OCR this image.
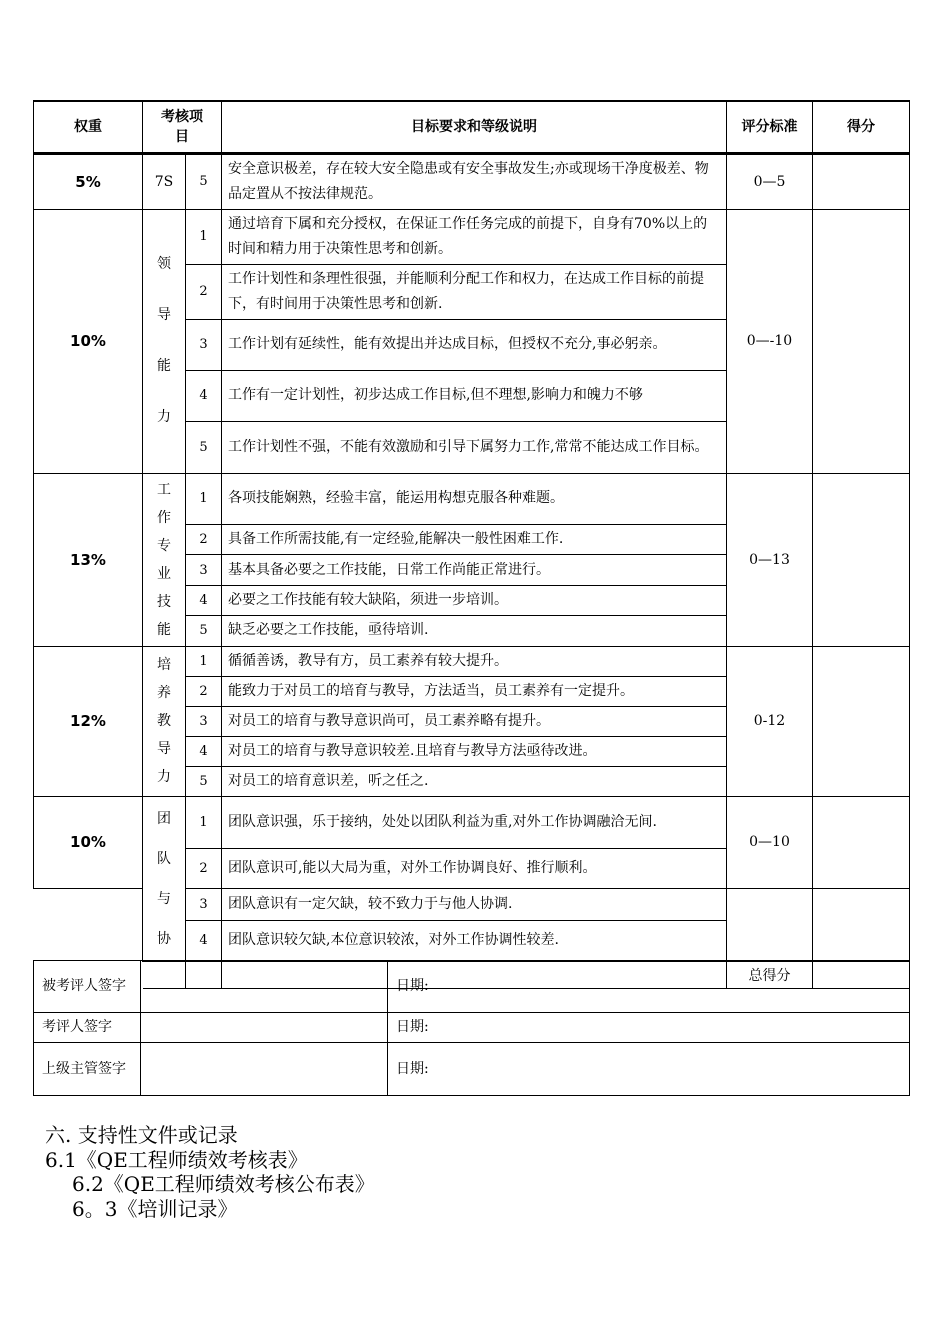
权重	考核项目		目标要求和等级说明	评分标准	得分
5%	7S	5	安全意识极差，存在较大安全隐患或有安全事故发生;亦或现场干净度极差、物品定置从不按法律规范。	0—5	
10%	领导能力	1	通过培育下属和充分授权，在保证工作任务完成的前提下，自身有70%以上的时间和精力用于决策性思考和创新。	0—-10	
		2	工作计划性和条理性很强，并能顺利分配工作和权力，在达成工作目标的前提下，有时间用于决策性思考和创新.		
		3	工作计划有延续性，能有效提出并达成目标，但授权不充分,事必躬亲。		
		4	工作有一定计划性，初步达成工作目标,但不理想,影响力和魄力不够		
		5	工作计划性不强，不能有效激励和引导下属努力工作,常常不能达成工作目标。		
13%	工作专业技能	1	各项技能娴熟，经验丰富，能运用构想克服各种难题。	0—13	
		2	具备工作所需技能,有一定经验,能解决一般性困难工作.		
		3	基本具备必要之工作技能，日常工作尚能正常进行。		
		4	必要之工作技能有较大缺陷，须进一步培训。		
		5	缺乏必要之工作技能，亟待培训.		
12%	培养教导力	1	循循善诱，教导有方，员工素养有较大提升。	0-12	
		2	能致力于对员工的培育与教导，方法适当，员工素养有一定提升。		
		3	对员工的培育与教导意识尚可，员工素养略有提升。		
		4	对员工的培育与教导意识较差.且培育与教导方法亟待改进。		
		5	对员工的培育意识差，听之任之.		
10%	团队与协	1	团队意识强，乐于接纳，处处以团队利益为重,对外工作协调融洽无间.	0—10	
		2	团队意识可,能以大局为重，对外工作协调良好、推行顺利。		
		3	团队意识有一定欠缺，较不致力于与他人协调.		
		4	团队意识较欠缺,本位意识较浓，对外工作协调性较差.		
				总得分	
被考评人签字		日期:
考评人签字		日期:
上级主管签字		日期:
六. 支持性文件或记录
6.1《QE工程师绩效考核表》
6.2《QE工程师绩效考核公布表》
6。3《培训记录》
